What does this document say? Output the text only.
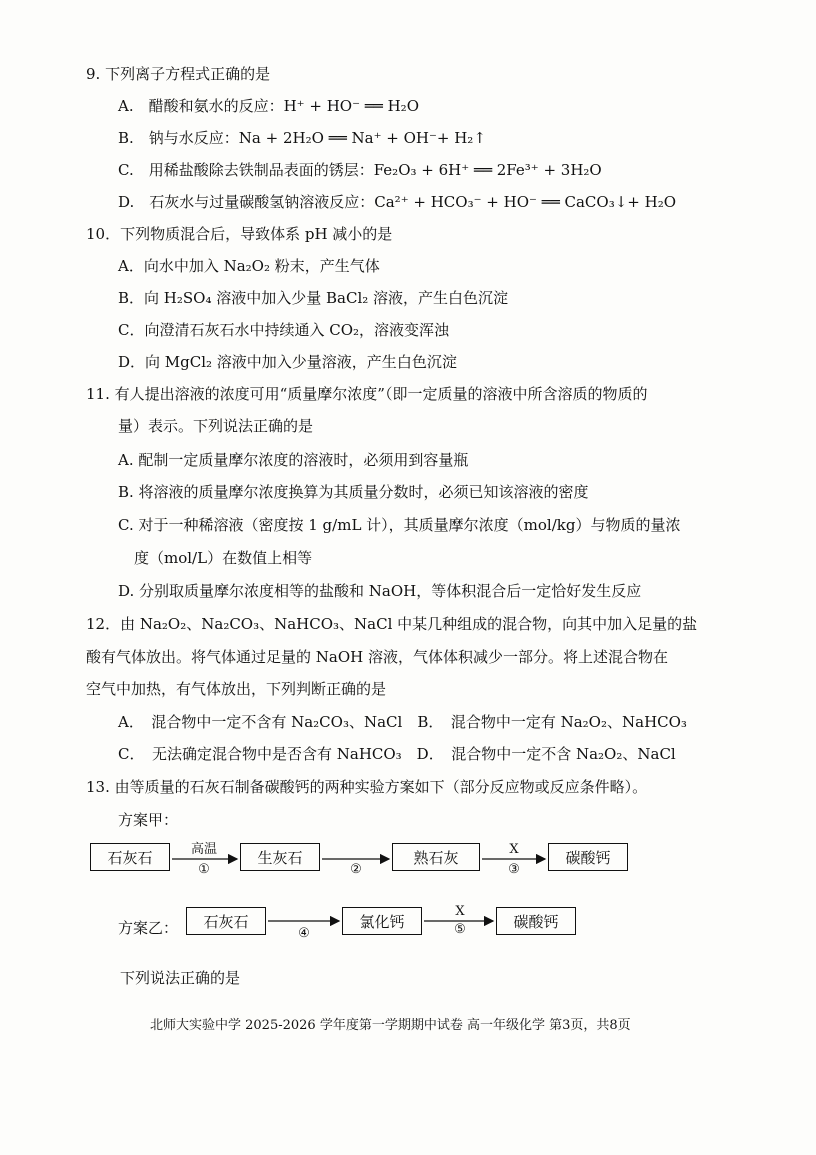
9. 下列离子方程式正确的是
A.　醋酸和氨水的反应：H⁺ + HO⁻ ══ H₂O
B.　钠与水反应：Na + 2H₂O ══ Na⁺ + OH⁻+ H₂↑
C.　用稀盐酸除去铁制品表面的锈层：Fe₂O₃ + 6H⁺ ══ 2Fe³⁺ + 3H₂O
D.　石灰水与过量碳酸氢钠溶液反应：Ca²⁺ + HCO₃⁻ + HO⁻ ══ CaCO₃↓+ H₂O
10．下列物质混合后，导致体系 pH 减小的是
A．向水中加入 Na₂O₂ 粉末，产生气体
B．向 H₂SO₄ 溶液中加入少量 BaCl₂ 溶液，产生白色沉淀
C．向澄清石灰石水中持续通入 CO₂，溶液变浑浊
D．向 MgCl₂ 溶液中加入少量溶液，产生白色沉淀
11. 有人提出溶液的浓度可用“质量摩尔浓度”（即一定质量的溶液中所含溶质的物质的
量）表示。下列说法正确的是
A. 配制一定质量摩尔浓度的溶液时，必须用到容量瓶
B. 将溶液的质量摩尔浓度换算为其质量分数时，必须已知该溶液的密度
C. 对于一种稀溶液（密度按 1 g/mL 计），其质量摩尔浓度（mol/kg）与物质的量浓
度（mol/L）在数值上相等
D. 分别取质量摩尔浓度相等的盐酸和 NaOH，等体积混合后一定恰好发生反应
12．由 Na₂O₂、Na₂CO₃、NaHCO₃、NaCl 中某几种组成的混合物，向其中加入足量的盐
酸有气体放出。将气体通过足量的 NaOH 溶液，气体体积减少一部分。将上述混合物在
空气中加热，有气体放出，下列判断正确的是
A．　混合物中一定不含有 Na₂CO₃、NaCl　B．　混合物中一定有 Na₂O₂、NaHCO₃
C．　无法确定混合物中是否含有 NaHCO₃　D．　混合物中一定不含 Na₂O₂、NaCl
13. 由等质量的石灰石制备碳酸钙的两种实验方案如下（部分反应物或反应条件略）。
方案甲：
石灰石	生灰石	熟石灰	碳酸钙
高温
①	②
X
③
方案乙：	石灰石	氯化钙	碳酸钙
④
X
⑤
下列说法正确的是
北师大实验中学 2025-2026 学年度第一学期期中试卷 高一年级化学 第3页，共8页
